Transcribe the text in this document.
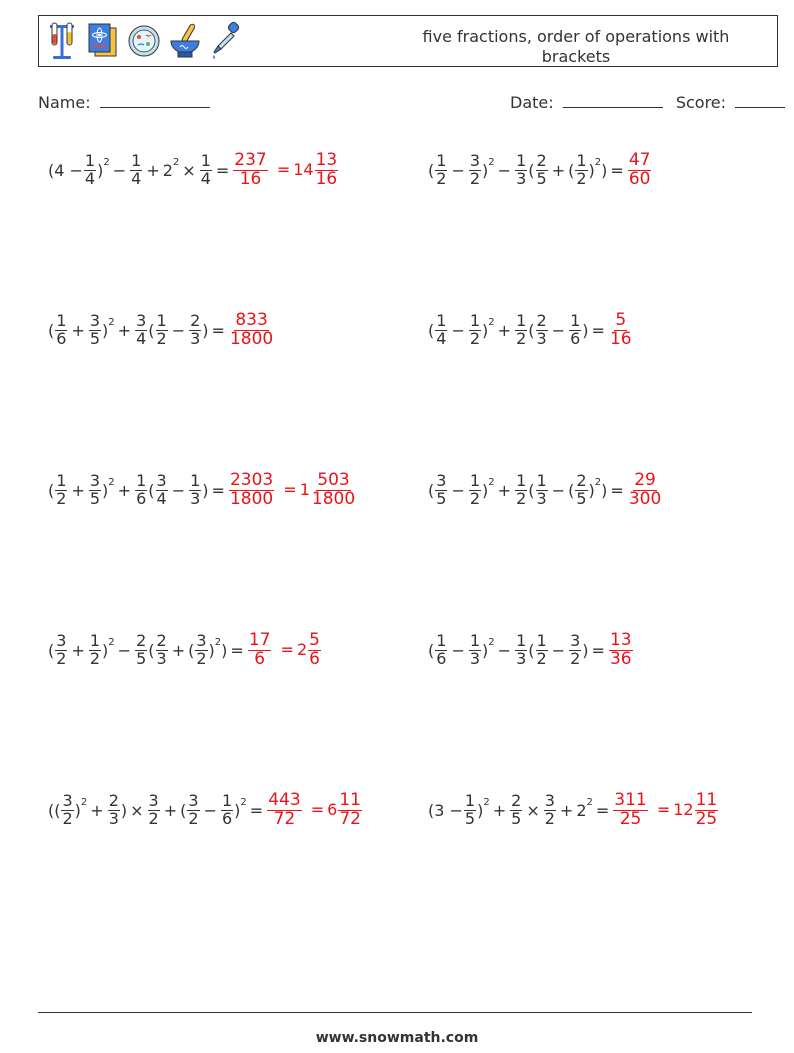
five fractions, order of operations with brackets
Name:	Date:	Score:
$(4 - \frac{1}{4} )^2 - \frac{1}{4} + 2^2 \times \frac{1}{4} = \frac{237}{16} = 14 \frac{13}{16}$	( $\frac{1}{2} - \frac{3}{2} )^2 - \frac{1}{3}$ ( $\frac{2}{5}$ + ( $\frac{1}{2} )^2) = \frac{47}{60}$
( $\frac{1}{6} + \frac{3}{5} )^2 + \frac{3}{4}$ ( $\frac{1}{2} - \frac{2}{3}$ ) = $\frac{833}{1800}$	( $\frac{1}{4} - \frac{1}{2} )^2 + \frac{1}{2}$ ( $\frac{2}{3} - \frac{1}{6}$ ) = $\frac{5}{16}$
( $\frac{1}{2} + \frac{3}{5} )^2 + \frac{1}{6}$ ( $\frac{3}{4} - \frac{1}{3}$ ) = $\frac{2303}{1800} = 1 \frac{503}{1800}$	( $\frac{3}{5} - \frac{1}{2} )^2 + \frac{1}{2}$ ( $\frac{1}{3}$ − ( $\frac{2}{5} )^2) = \frac{29}{300}$
( $\frac{3}{2} + \frac{1}{2} )^2 - \frac{2}{5}$ ( $\frac{2}{3}$ + ( $\frac{3}{2} )^2) = \frac{17}{6} = 2 \frac{5}{6}$	( $\frac{1}{6} - \frac{1}{3} )^2 - \frac{1}{3}$ ( $\frac{1}{2} - \frac{3}{2}$ ) = $\frac{13}{36}$
(( $\frac{3}{2} )^2 + \frac{2}{3}$ ) × $\frac{3}{2}$ + ( $\frac{3}{2} - \frac{1}{6} )^2 = \frac{443}{72} = 6 \frac{11}{72}$	$(3 - \frac{1}{5} )^2 + \frac{2}{5} \times \frac{3}{2} + 2^2 = \frac{311}{25} = 12 \frac{11}{25}$
www.snowmath.com
